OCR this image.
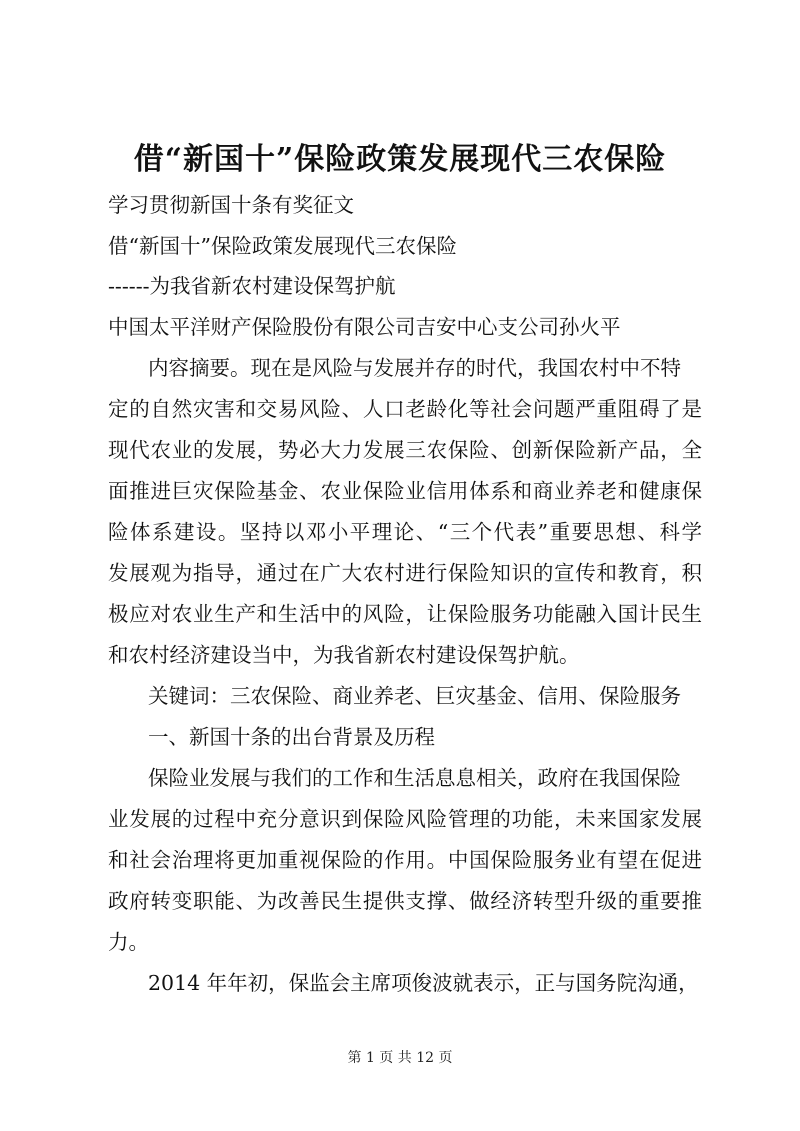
借“新国十”保险政策发展现代三农保险
学习贯彻新国十条有奖征文
借“新国十”保险政策发展现代三农保险
------为我省新农村建设保驾护航
中国太平洋财产保险股份有限公司吉安中心支公司孙火平
内容摘要。现在是风险与发展并存的时代，我国农村中不特
定的自然灾害和交易风险、人口老龄化等社会问题严重阻碍了是
现代农业的发展，势必大力发展三农保险、创新保险新产品，全
面推进巨灾保险基金、农业保险业信用体系和商业养老和健康保
险体系建设。坚持以邓小平理论、“三个代表”重要思想、科学
发展观为指导，通过在广大农村进行保险知识的宣传和教育，积
极应对农业生产和生活中的风险，让保险服务功能融入国计民生
和农村经济建设当中，为我省新农村建设保驾护航。
关键词：三农保险、商业养老、巨灾基金、信用、保险服务
一、新国十条的出台背景及历程
保险业发展与我们的工作和生活息息相关，政府在我国保险
业发展的过程中充分意识到保险风险管理的功能，未来国家发展
和社会治理将更加重视保险的作用。中国保险服务业有望在促进
政府转变职能、为改善民生提供支撑、做经济转型升级的重要推
力。
2014 年年初，保监会主席项俊波就表示，正与国务院沟通，
第 1 页 共 12 页
